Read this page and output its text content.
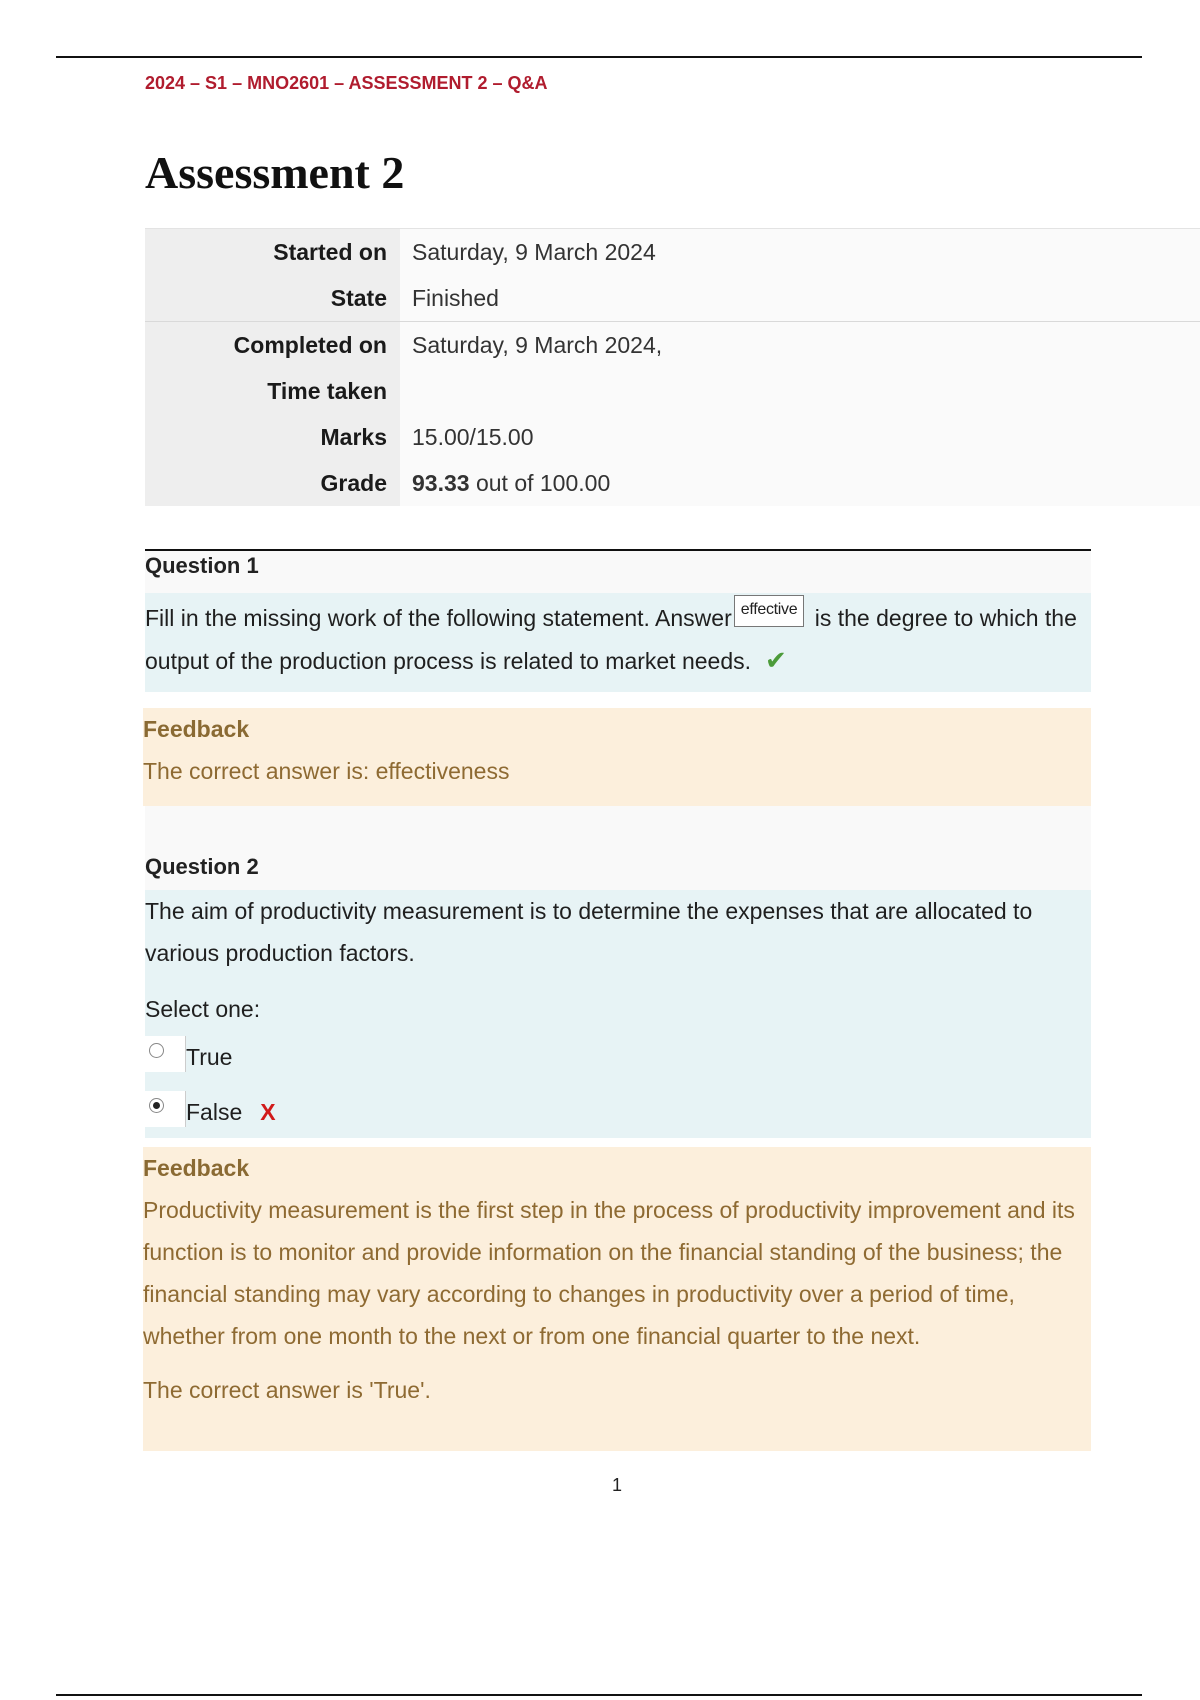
2024 – S1 – MNO2601 – ASSESSMENT 2 – Q&A
Assessment 2
Started on	Saturday, 9 March 2024
State	Finished
Completed on	Saturday, 9 March 2024,
Time taken	
Marks	15.00/15.00
Grade	93.33 out of 100.00
Question 1
Fill in the missing work of the following statement. Answer effective is the degree to which the output of the production process is related to market needs. ✔
Feedback
The correct answer is: effectiveness
Question 2
The aim of productivity measurement is to determine the expenses that are allocated to various production factors.
Select one:
True
False X
Feedback
Productivity measurement is the first step in the process of productivity improvement and its function is to monitor and provide information on the financial standing of the business; the financial standing may vary according to changes in productivity over a period of time, whether from one month to the next or from one financial quarter to the next.
The correct answer is 'True'.
1
